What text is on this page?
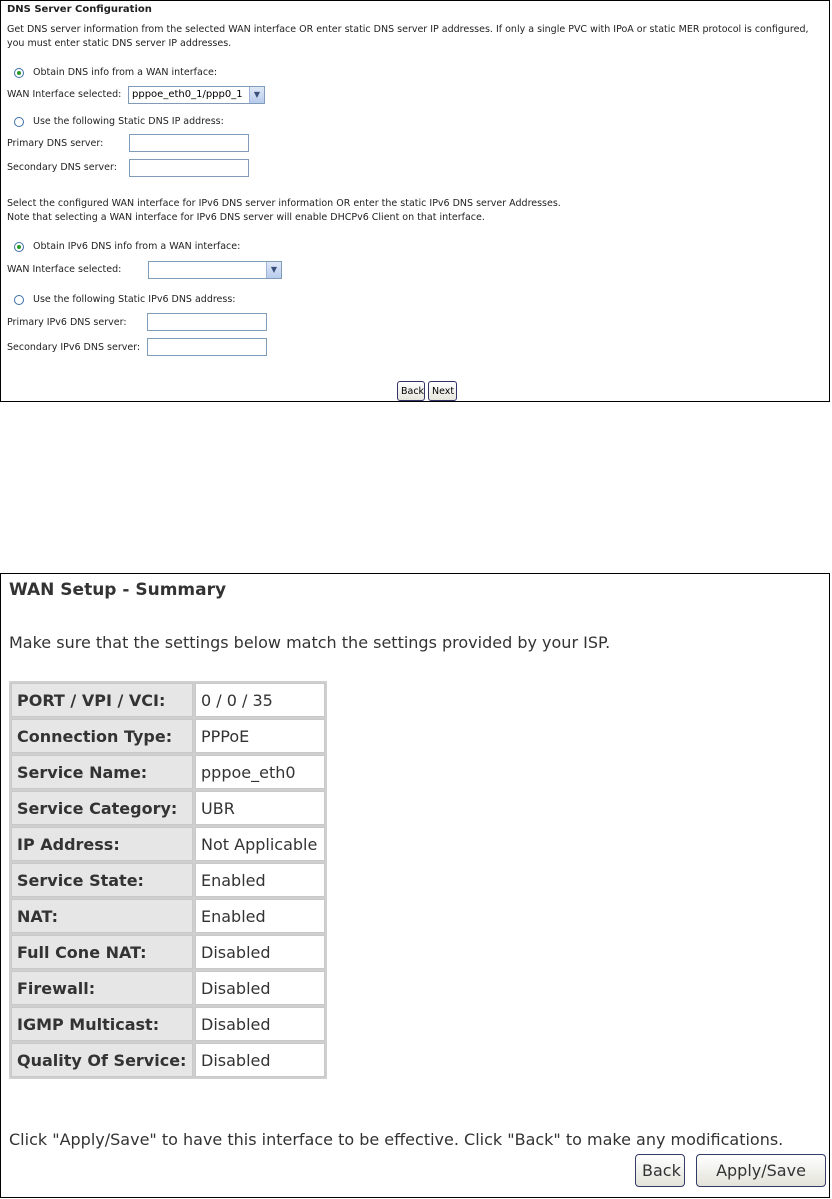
DNS Server Configuration
Get DNS server information from the selected WAN interface OR enter static DNS server IP addresses. If only a single PVC with IPoA or static MER protocol is configured, you must enter static DNS server IP addresses.
Obtain DNS info from a WAN interface:
WAN Interface selected: pppoe_eth0_1/ppp0_1	▼
Use the following Static DNS IP address:
Primary DNS server:
Secondary DNS server:
Select the configured WAN interface for IPv6 DNS server information OR enter the static IPv6 DNS server Addresses.
Note that selecting a WAN interface for IPv6 DNS server will enable DHCPv6 Client on that interface.
Obtain IPv6 DNS info from a WAN interface:
WAN Interface selected:	▼
Use the following Static IPv6 DNS address:
Primary IPv6 DNS server:
Secondary IPv6 DNS server:
Back Next
WAN Setup - Summary
Make sure that the settings below match the settings provided by your ISP.
PORT / VPI / VCI:	0 / 0 / 35
Connection Type:	PPPoE
Service Name:	pppoe_eth0
Service Category:	UBR
IP Address:	Not Applicable
Service State:	Enabled
NAT:	Enabled
Full Cone NAT:	Disabled
Firewall:	Disabled
IGMP Multicast:	Disabled
Quality Of Service:	Disabled
Click "Apply/Save" to have this interface to be effective. Click "Back" to make any modifications.
Back	Apply/Save
